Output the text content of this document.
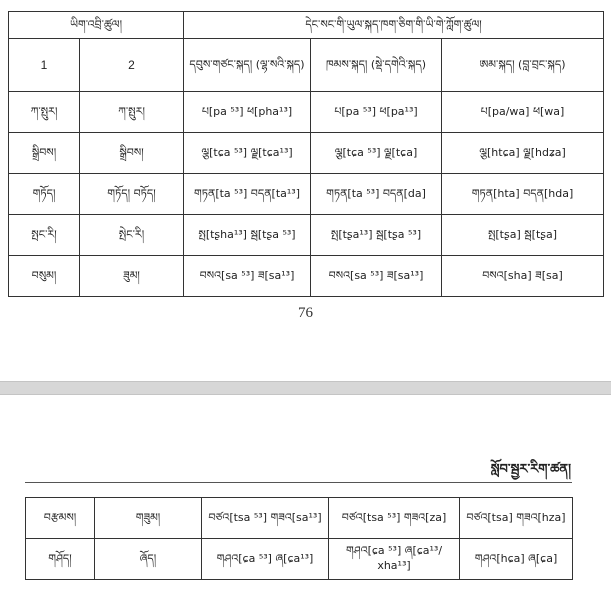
ཡིག་འབྲི་ཚུལ།		དེང་སང་གི་ཡུལ་སྐད་ཁག་ཅིག་གི་ཡི་གེ་ཀློག་ཚུལ།		
1	2	དབུས་གཙང་སྐད། (ལྷ་སའི་སྐད)	ཁམས་སྐད། (སྡེ་དགེའི་སྐད)	ཨམ་སྐད། (བླ་བྲང་སྐད)
ཀ་སྤུར།	ཀ་སྤུར།	པ[pa ⁵³] ཕ[pha¹³]	པ[pa ⁵³] ཕ[pa¹³]	པ[pa/wa] ཕ[wa]
སྒྲིབས།	སྒྲིབས།	ལྕ[tɕa ⁵³] ལྗ[tɕa¹³]	ལྕ[tɕa ⁵³] ལྗ[tɕa]	ལྕ[htɕa] ལྗ[hdʑa]
གཏོད།	གཏོད། བཏོད།	གཏན[ta ⁵³] བདན[ta¹³]	གཏན[ta ⁵³] བདན[da]	གཏན[hta] བདན[hda]
སྤང་རི།	སྤེང་རི།	སྤ[tʂha¹³] སྦ[tʂa ⁵³]	སྤ[tʂa¹³] སྦ[tʂa ⁵³]	སྤ[tʂa] སྦ[tʂa]
བསུམ།	ཟུམ།	བསའ[sa ⁵³] ཟ[sa¹³]	བསའ[sa ⁵³] ཟ[sa¹³]	བསའ[sha] ཟ[sa]
76
སློབ་སྦྱར་རིག་ཚན།
བརྩམས།	གཟུམ།	བཙའ[tsa ⁵³] གཟའ[sa¹³]	བཙའ[tsa ⁵³] གཟའ[za]	བཙའ[tsa] གཟའ[hza]
གཤོད།	ཞོད།	གཤའ[ɕa ⁵³] ཞ[ɕa¹³]	གཤའ[ɕa ⁵³] ཞ[ɕa¹³/ xha¹³]	གཤའ[hɕa] ཞ[ɕa]
